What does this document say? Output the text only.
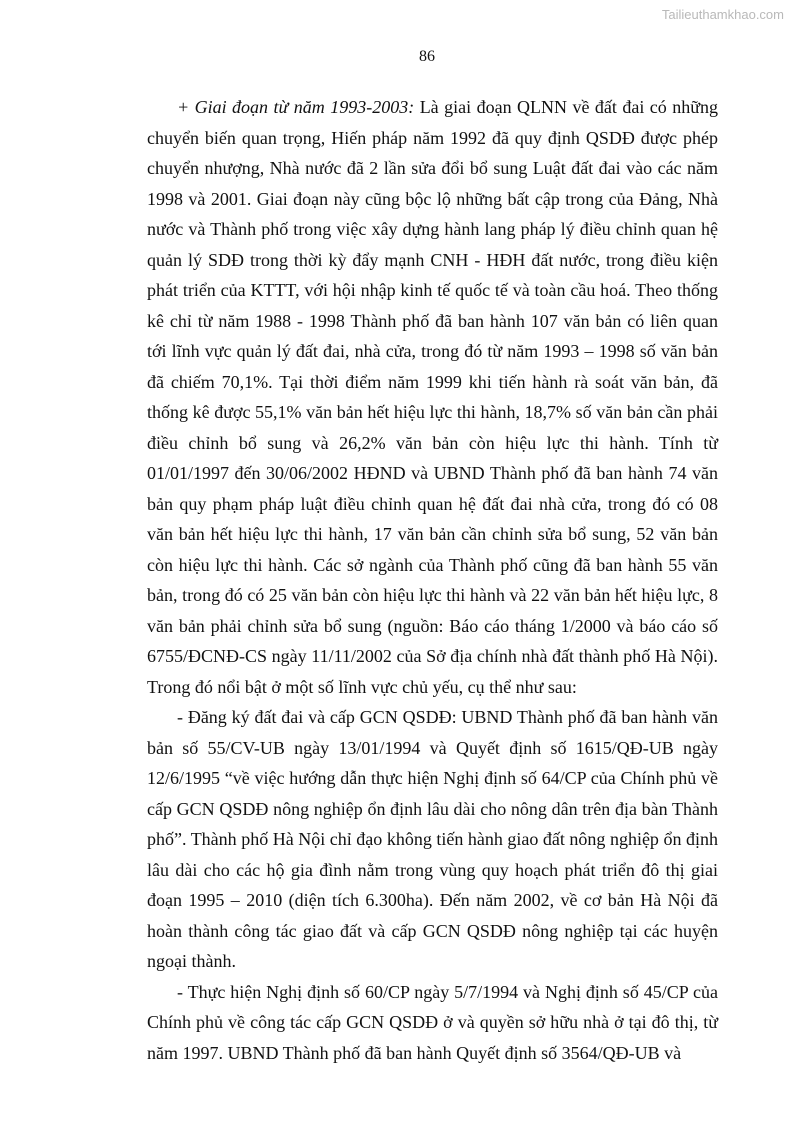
Tailieuthamkhao.com
86

+ Giai đoạn từ năm 1993-2003: Là giai đoạn QLNN về đất đai có những chuyển biến quan trọng, Hiến pháp năm 1992 đã quy định QSDĐ được phép chuyển nhượng, Nhà nước đã 2 lần sửa đổi bổ sung Luật đất đai vào các năm 1998 và 2001. Giai đoạn này cũng bộc lộ những bất cập trong của Đảng, Nhà nước và Thành phố trong việc xây dựng hành lang pháp lý điều chỉnh quan hệ quản lý SDĐ trong thời kỳ đẩy mạnh CNH - HĐH đất nước, trong điều kiện phát triển của KTTT, với hội nhập kinh tế quốc tế và toàn cầu hoá. Theo thống kê chỉ từ năm 1988 - 1998 Thành phố đã ban hành 107 văn bản có liên quan tới lĩnh vực quản lý đất đai, nhà cửa, trong đó từ năm 1993 – 1998 số văn bản đã chiếm 70,1%. Tại thời điểm năm 1999 khi tiến hành rà soát văn bản, đã thống kê được 55,1% văn bản hết hiệu lực thi hành, 18,7% số văn bản cần phải điều chỉnh bổ sung và 26,2% văn bản còn hiệu lực thi hành. Tính từ 01/01/1997 đến 30/06/2002 HĐND và UBND Thành phố đã ban hành 74 văn bản quy phạm pháp luật điều chỉnh quan hệ đất đai nhà cửa, trong đó có 08 văn bản hết hiệu lực thi hành, 17 văn bản cần chỉnh sửa bổ sung, 52 văn bản còn hiệu lực thi hành. Các sở ngành của Thành phố cũng đã ban hành 55 văn bản, trong đó có 25 văn bản còn hiệu lực thi hành và 22 văn bản hết hiệu lực, 8 văn bản phải chỉnh sửa bổ sung (nguồn: Báo cáo tháng 1/2000 và báo cáo số 6755/ĐCNĐ-CS ngày 11/11/2002 của Sở địa chính nhà đất thành phố Hà Nội). Trong đó nổi bật ở một số lĩnh vực chủ yếu, cụ thể như sau:

- Đăng ký đất đai và cấp GCN QSDĐ: UBND Thành phố đã ban hành văn bản số 55/CV-UB ngày 13/01/1994 và Quyết định số 1615/QĐ-UB ngày 12/6/1995 “về việc hướng dẫn thực hiện Nghị định số 64/CP của Chính phủ về cấp GCN QSDĐ nông nghiệp ổn định lâu dài cho nông dân trên địa bàn Thành phố”. Thành phố Hà Nội chỉ đạo không tiến hành giao đất nông nghiệp ổn định lâu dài cho các hộ gia đình nằm trong vùng quy hoạch phát triển đô thị giai đoạn 1995 – 2010 (diện tích 6.300ha). Đến năm 2002, về cơ bản Hà Nội đã hoàn thành công tác giao đất và cấp GCN QSDĐ nông nghiệp tại các huyện ngoại thành.

- Thực hiện Nghị định số 60/CP ngày 5/7/1994 và Nghị định số 45/CP của Chính phủ về công tác cấp GCN QSDĐ ở và quyền sở hữu nhà ở tại đô thị, từ năm 1997. UBND Thành phố đã ban hành Quyết định số 3564/QĐ-UB và
